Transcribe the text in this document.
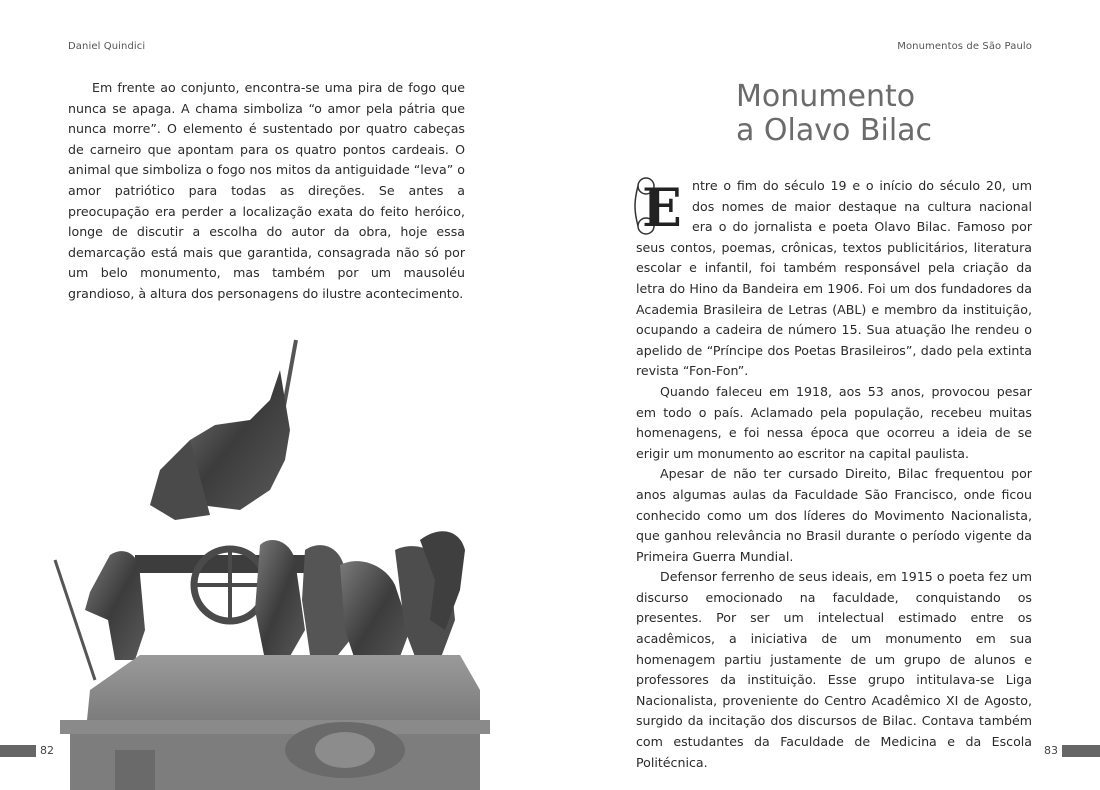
Daniel Quindici

Em frente ao conjunto, encontra-se uma pira de fogo que nunca se apaga. A chama simboliza “o amor pela pátria que nunca morre”. O elemento é sustentado por quatro cabeças de carneiro que apontam para os quatro pontos cardeais. O animal que simboliza o fogo nos mitos da antiguidade “leva” o amor patriótico para todas as direções. Se antes a preocupação era perder a localização exata do feito heróico, longe de discutir a escolha do autor da obra, hoje essa demarcação está mais que garantida, consagrada não só por um belo monumento, mas também por um mausoléu grandioso, à altura dos personagens do ilustre acontecimento.

82
Monumentos de São Paulo
Monumento
a Olavo Bilac

E ntre o fim do século 19 e o início do século 20, um dos nomes de maior destaque na cultura nacional era o do jornalista e poeta Olavo Bilac. Famoso por seus contos, poemas, crônicas, textos publicitários, literatura escolar e infantil, foi também responsável pela criação da letra do Hino da Bandeira em 1906. Foi um dos fundadores da Academia Brasileira de Letras (ABL) e membro da instituição, ocupando a cadeira de número 15. Sua atuação lhe rendeu o apelido de “Príncipe dos Poetas Brasileiros”, dado pela extinta revista “Fon-Fon”.

Quando faleceu em 1918, aos 53 anos, provocou pesar em todo o país. Aclamado pela população, recebeu muitas homenagens, e foi nessa época que ocorreu a ideia de se erigir um monumento ao escritor na capital paulista.

Apesar de não ter cursado Direito, Bilac frequentou por anos algumas aulas da Faculdade São Francisco, onde ficou conhecido como um dos líderes do Movimento Nacionalista, que ganhou relevância no Brasil durante o período vigente da Primeira Guerra Mundial.

Defensor ferrenho de seus ideais, em 1915 o poeta fez um discurso emocionado na faculdade, conquistando os presentes. Por ser um intelectual estimado entre os acadêmicos, a iniciativa de um monumento em sua homenagem partiu justamente de um grupo de alunos e professores da instituição. Esse grupo intitulava-se Liga Nacionalista, proveniente do Centro Acadêmico XI de Agosto, surgido da incitação dos discursos de Bilac. Contava também com estudantes da Faculdade de Medicina e da Escola Politécnica.

83
